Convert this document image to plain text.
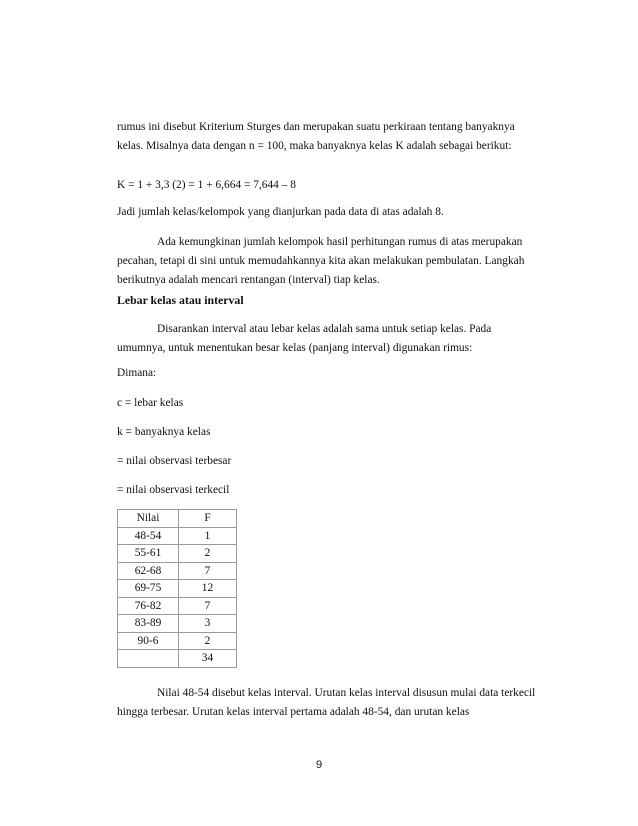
rumus ini disebut Kriterium Sturges dan merupakan suatu perkiraan tentang banyaknya kelas. Misalnya data dengan n = 100, maka banyaknya kelas K adalah sebagai berikut:
K = 1 + 3,3 (2) = 1 + 6,664 = 7,644 – 8
Jadi jumlah kelas/kelompok yang dianjurkan pada data di atas adalah 8.
Ada kemungkinan jumlah kelompok hasil perhitungan rumus di atas merupakan pecahan, tetapi di sini untuk memudahkannya kita akan melakukan pembulatan. Langkah berikutnya adalah mencari rentangan (interval) tiap kelas.
Lebar kelas atau interval
Disarankan interval atau lebar kelas adalah sama untuk setiap kelas. Pada umumnya, untuk menentukan besar kelas (panjang interval) digunakan rimus:
Dimana:
c = lebar kelas
k = banyaknya kelas
= nilai observasi terbesar
= nilai observasi terkecil
Nilai	F
48-54	1
55-61	2
62-68	7
69-75	12
76-82	7
83-89	3
90-6	2
	34
Nilai 48-54 disebut kelas interval. Urutan kelas interval disusun mulai data terkecil hingga terbesar. Urutan kelas interval pertama adalah 48-54, dan urutan kelas
9
